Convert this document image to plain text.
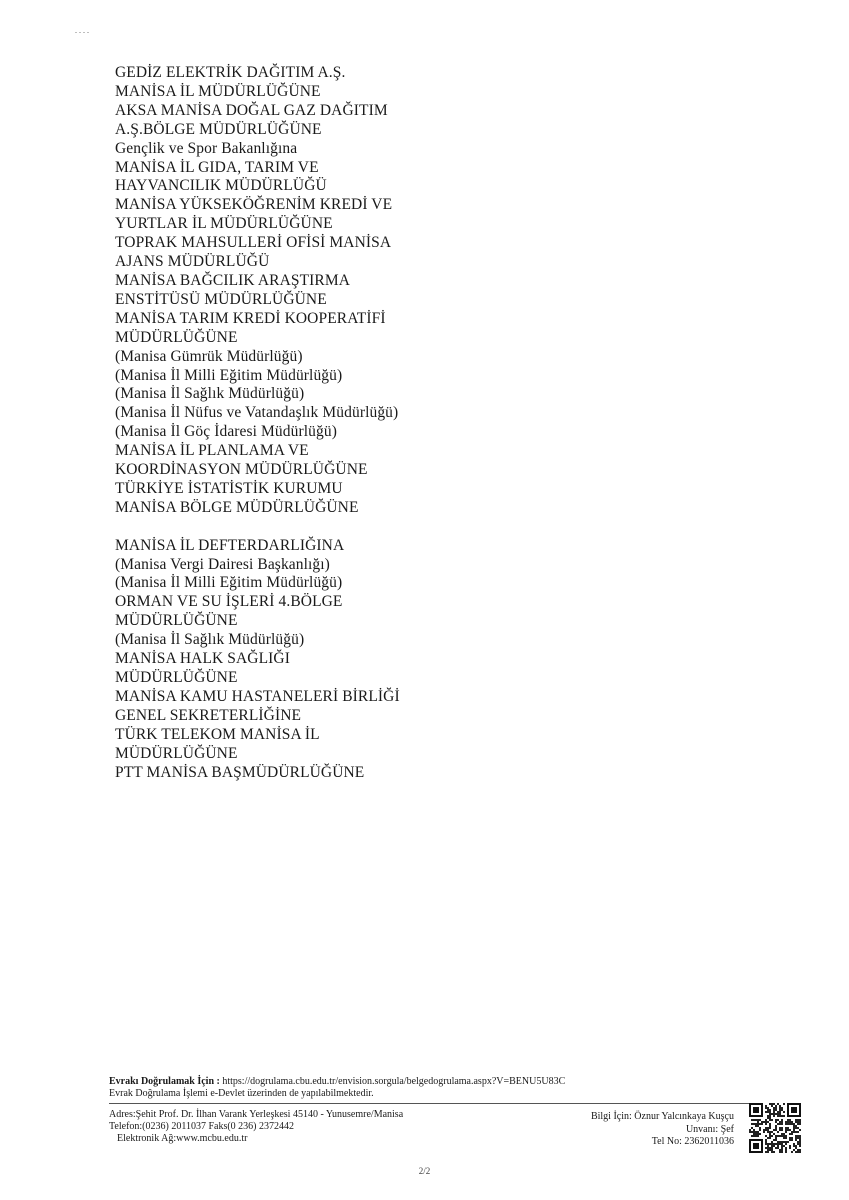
. . . .
GEDİZ ELEKTRİK DAĞITIM A.Ş.
MANİSA İL MÜDÜRLÜĞÜNE
AKSA MANİSA DOĞAL GAZ DAĞITIM
A.Ş.BÖLGE MÜDÜRLÜĞÜNE
Gençlik ve Spor Bakanlığına
MANİSA İL GIDA, TARIM VE
HAYVANCILIK MÜDÜRLÜĞÜ
MANİSA YÜKSEKÖĞRENİM KREDİ VE
YURTLAR İL MÜDÜRLÜĞÜNE
TOPRAK MAHSULLERİ OFİSİ MANİSA
AJANS MÜDÜRLÜĞÜ
MANİSA BAĞCILIK ARAŞTIRMA
ENSTİTÜSÜ MÜDÜRLÜĞÜNE
MANİSA TARIM KREDİ KOOPERATİFİ
MÜDÜRLÜĞÜNE
(Manisa Gümrük Müdürlüğü)
(Manisa İl Milli Eğitim Müdürlüğü)
(Manisa İl Sağlık Müdürlüğü)
(Manisa İl Nüfus ve Vatandaşlık Müdürlüğü)
(Manisa İl Göç İdaresi Müdürlüğü)
MANİSA İL PLANLAMA VE
KOORDİNASYON MÜDÜRLÜĞÜNE
TÜRKİYE İSTATİSTİK KURUMU
MANİSA BÖLGE MÜDÜRLÜĞÜNE
MANİSA İL DEFTERDARLIĞINA
(Manisa Vergi Dairesi Başkanlığı)
(Manisa İl Milli Eğitim Müdürlüğü)
ORMAN VE SU İŞLERİ 4.BÖLGE
MÜDÜRLÜĞÜNE
(Manisa İl Sağlık Müdürlüğü)
MANİSA HALK SAĞLIĞI
MÜDÜRLÜĞÜNE
MANİSA KAMU HASTANELERİ BİRLİĞİ
GENEL SEKRETERLİĞİNE
TÜRK TELEKOM MANİSA İL
MÜDÜRLÜĞÜNE
PTT MANİSA BAŞMÜDÜRLÜĞÜNE
Evrakı Doğrulamak İçin : https://dogrulama.cbu.edu.tr/envision.sorgula/belgedogrulama.aspx?V=BENU5U83C
Evrak Doğrulama İşlemi e-Devlet üzerinden de yapılabilmektedir.
Adres:Şehit Prof. Dr. İlhan Varank Yerleşkesi 45140 - Yunusemre/Manisa
Telefon:(0236) 2011037 Faks(0 236) 2372442
Elektronik Ağ:www.mcbu.edu.tr
Bilgi İçin: Öznur Yalcınkaya Kuşçu
Unvanı: Şef
Tel No: 2362011036
2/2
